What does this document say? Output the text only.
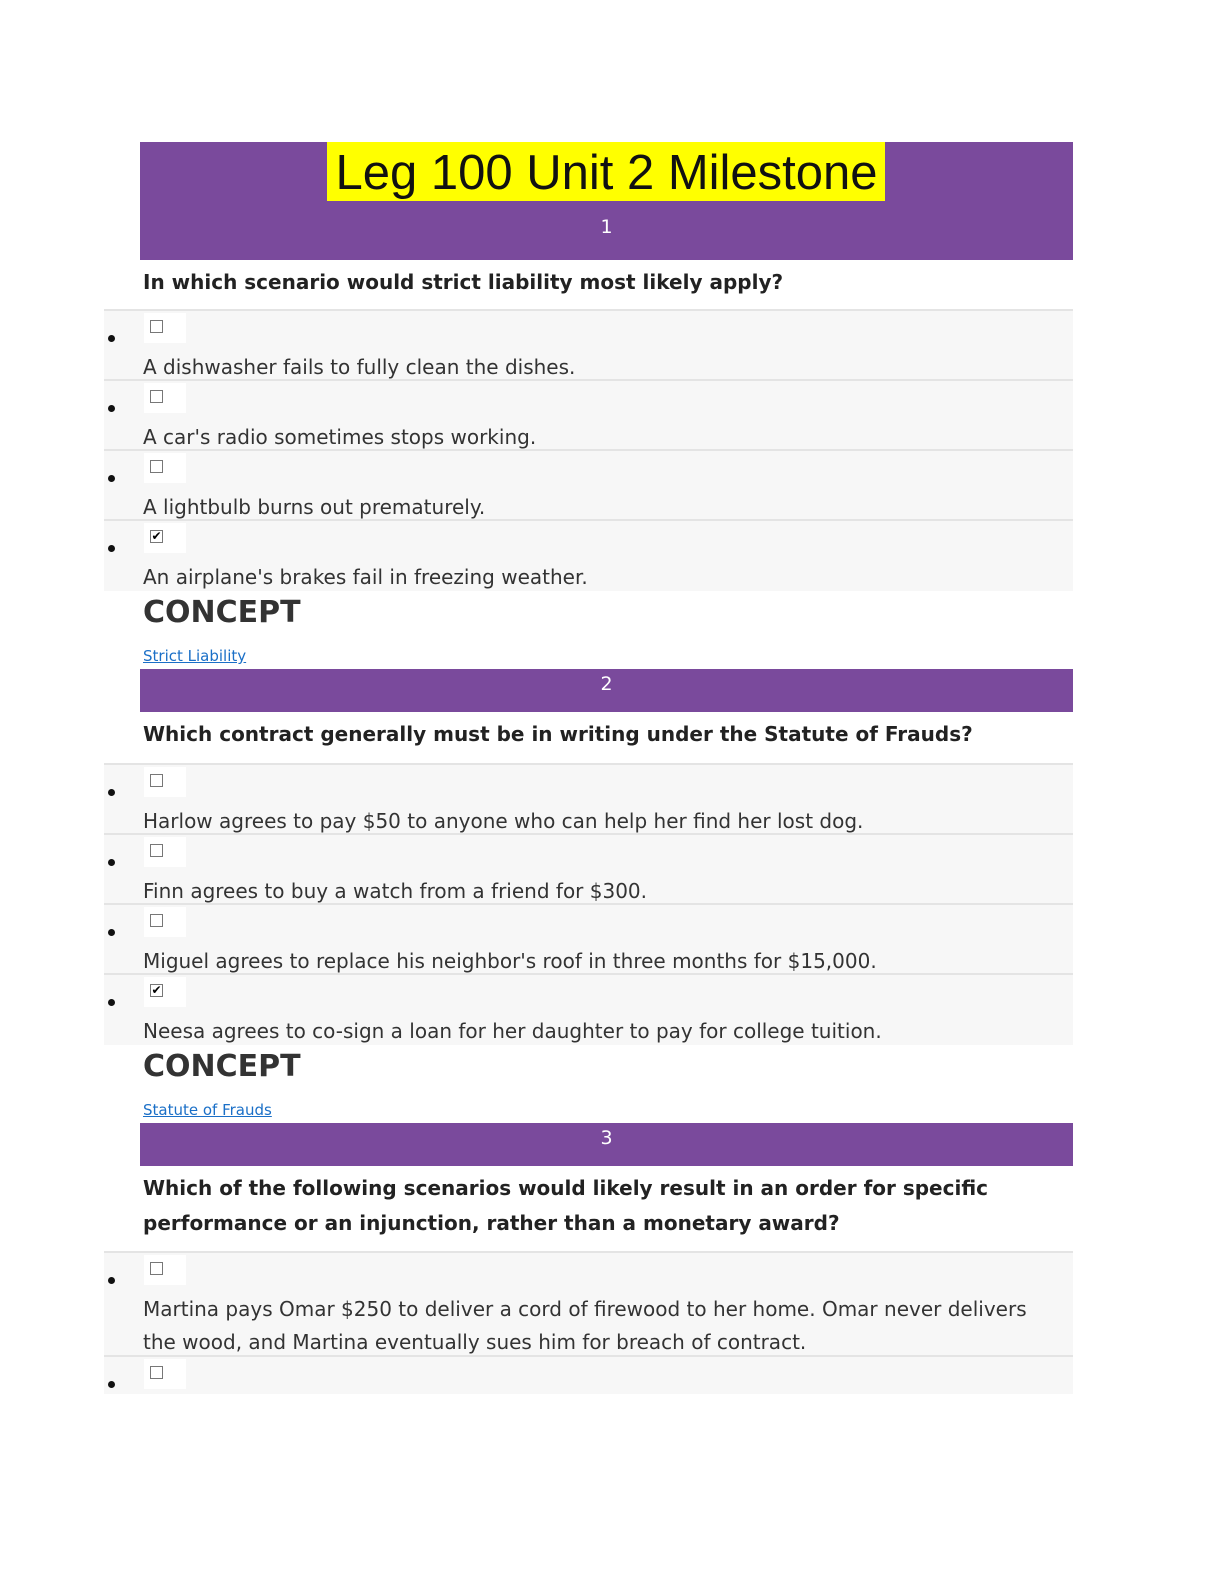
Leg 100 Unit 2 Milestone
1
In which scenario would strict liability most likely apply?
A dishwasher fails to fully clean the dishes.
A car's radio sometimes stops working.
A lightbulb burns out prematurely.
✔
An airplane's brakes fail in freezing weather.
CONCEPT
Strict Liability
2
Which contract generally must be in writing under the Statute of Frauds?
Harlow agrees to pay $50 to anyone who can help her find her lost dog.
Finn agrees to buy a watch from a friend for $300.
Miguel agrees to replace his neighbor's roof in three months for $15,000.
✔
Neesa agrees to co-sign a loan for her daughter to pay for college tuition.
CONCEPT
Statute of Frauds
3
Which of the following scenarios would likely result in an order for specific performance or an injunction, rather than a monetary award?
Martina pays Omar $250 to deliver a cord of firewood to her home. Omar never delivers the wood, and Martina eventually sues him for breach of contract.
